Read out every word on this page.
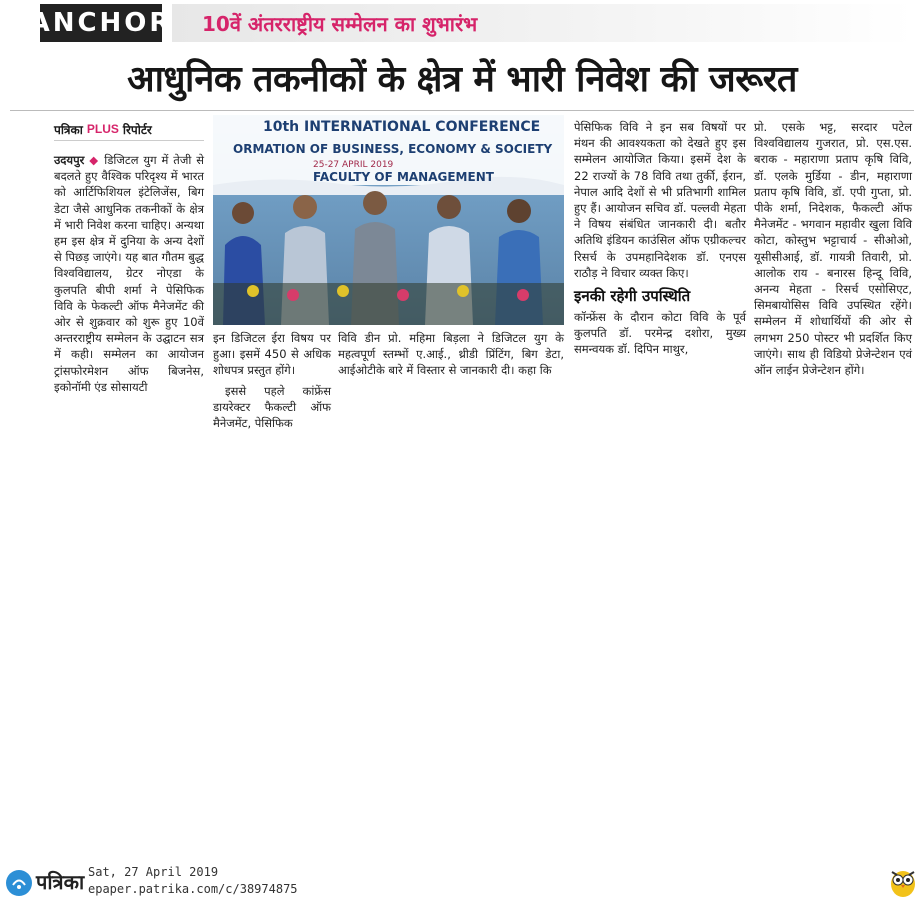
ANCHOR	10वें अंतरराष्ट्रीय सम्मेलन का शुभारंभ
आधुनिक तकनीकों के क्षेत्र में भारी निवेश की जरूरत
पत्रिका PLUS रिपोर्टर

उदयपुर ◆ डिजिटल युग में तेजी से बदलते हुए वैश्विक परिदृश्य में भारत को आर्टिफिशियल इंटेलिजेंस, बिग डेटा जैसे आधुनिक तकनीकों के क्षेत्र में भारी निवेश करना चाहिए। अन्यथा हम इस क्षेत्र में दुनिया के अन्य देशों से पिछड़ जाएंगे। यह बात गौतम बुद्ध विश्वविद्यालय, ग्रेटर नोएडा के कुलपति बीपी शर्मा ने पेसिफिक विवि के फेकल्टी ऑफ मैनेजमेंट की ओर से शुक्रवार को शुरू हुए 10वें अन्तरराष्ट्रीय सम्मेलन के उद्घाटन सत्र में कही। सम्मेलन का आयोजन ट्रांसफोरमेशन ऑफ बिजनेस, इकोनॉमी एंड सोसायटी

10th INTERNATIONAL CONFERENCE
ORMATION OF BUSINESS, ECONOMY & SOCIETY
25-27 APRIL 2019
FACULTY OF MANAGEMENT

इन डिजिटल ईरा विषय पर हुआ। इसमें 450 से अधिक शोधपत्र प्रस्तुत होंगे।

इससे पहले कांफ्रेंस डायरेक्टर फैकल्टी ऑफ मैनेजमेंट, पेसिफिक

विवि डीन प्रो. महिमा बिड़ला ने डिजिटल युग के महत्वपूर्ण स्तम्भों ए.आई., थ्रीडी प्रिंटिंग, बिग डेटा, आईओटीके बारे में विस्तार से जानकारी दी। कहा कि

पेसिफिक विवि ने इन सब विषयों पर मंथन की आवश्यकता को देखते हुए इस सम्मेलन आयोजित किया। इसमें देश के 22 राज्यों के 78 विवि तथा तुर्की, ईरान, नेपाल आदि देशों से भी प्रतिभागी शामिल हुए हैं। आयोजन सचिव डॉ. पल्लवी मेहता ने विषय संबंधित जानकारी दी। बतौर अतिथि इंडियन काउंसिल ऑफ एग्रीकल्चर रिसर्च के उपमहानिदेशक डॉ. एनएस राठौड़ ने विचार व्यक्त किए।

इनकी रहेगी उपस्थिति

कॉन्फ्रेंस के दौरान कोटा विवि के पूर्व कुलपति डॉ. परमेन्द्र दशोरा, मुख्य समन्वयक डॉ. दिपिन माथुर,

प्रो. एसके भट्ट, सरदार पटेल विश्वविद्यालय गुजरात, प्रो. एस.एस. बराक - महाराणा प्रताप कृषि विवि, डॉ. एलके मुर्डिया - डीन, महाराणा प्रताप कृषि विवि, डॉ. एपी गुप्ता, प्रो. पीके शर्मा, निदेशक, फैकल्टी ऑफ मैनेजमेंट - भगवान महावीर खुला विवि कोटा, कोस्तुभ भट्टाचार्य - सीओओ, यूसीसीआई, डॉ. गायत्री तिवारी, प्रो. आलोक राय - बनारस हिन्दू विवि, अनन्य मेहता - रिसर्च एसोसिएट, सिमबायोसिस विवि उपस्थित रहेंगे। सम्मेलन में शोधार्थियों की ओर से लगभग 250 पोस्टर भी प्रदर्शित किए जाएंगे। साथ ही विडियो प्रेजेन्टेशन एवं ऑन लाईन प्रेजेन्टेशन होंगे।

पत्रिका Sat, 27 April 2019
epaper.patrika.com/c/38974875
